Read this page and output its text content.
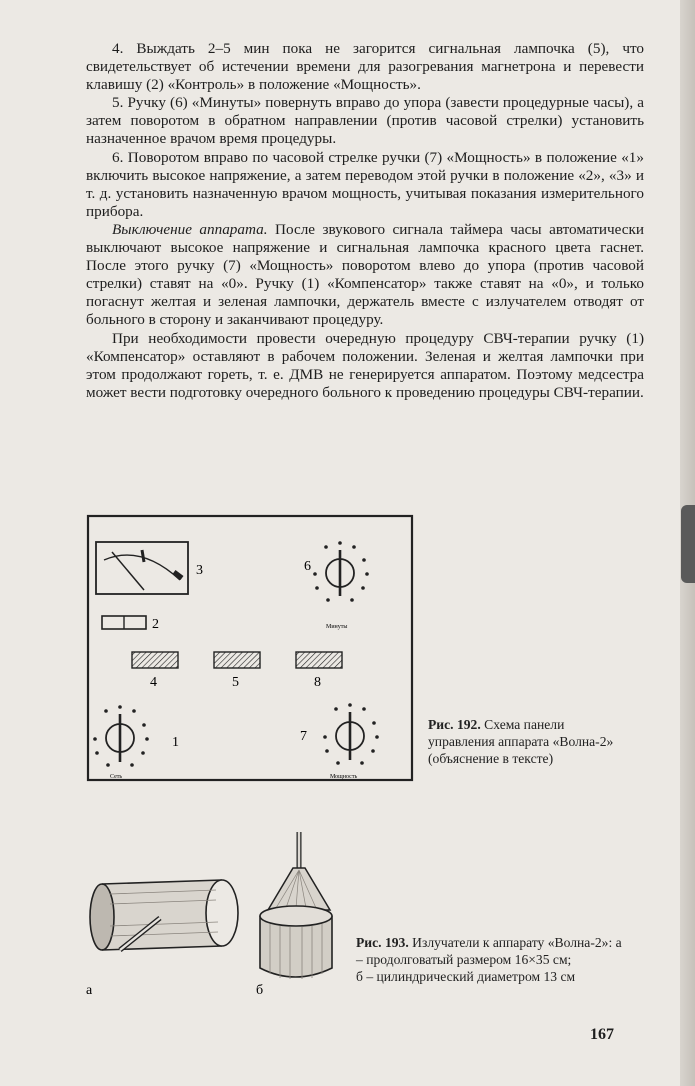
4. Выждать 2–5 мин пока не загорится сигнальная лампочка (5), что свидетельствует об истечении времени для разогревания магнетрона и перевести клавишу (2) «Контроль» в положение «Мощность».

5. Ручку (6) «Минуты» повернуть вправо до упора (завести процедурные часы), а затем поворотом в обратном направлении (против часовой стрелки) установить назначенное врачом время процедуры.

6. Поворотом вправо по часовой стрелке ручки (7) «Мощность» в положение «1» включить высокое напряжение, а затем переводом этой ручки в положение «2», «3» и т. д. установить назначенную врачом мощность, учитывая показания измерительного прибора.

Выключение аппарата. После звукового сигнала таймера часы автоматически выключают высокое напряжение и сигнальная лампочка красного цвета гаснет. После этого ручку (7) «Мощность» поворотом влево до упора (против часовой стрелки) ставят на «0». Ручку (1) «Компенсатор» также ставят на «0», и только погаснут желтая и зеленая лампочки, держатель вместе с излучателем отводят от больного в сторону и заканчивают процедуру.

При необходимости провести очередную процедуру СВЧ-терапии ручку (1) «Компенсатор» оставляют в рабочем положении. Зеленая и желтая лампочки при этом продолжают гореть, т. е. ДМВ не генерируется аппаратом. Поэтому медсестра может вести подготовку очередного больного к проведению процедуры СВЧ-терапии.

3
2
4	5	8
6
Минуты
1
Сеть
7
Мощность
Рис. 192. Схема панели управления аппарата «Волна-2» (объяснение в тексте)
а	б
Рис. 193. Излучатели к аппарату «Волна-2»: а – продолговатый размером 16×35 см;
б – цилиндрический диаметром 13 см
167
